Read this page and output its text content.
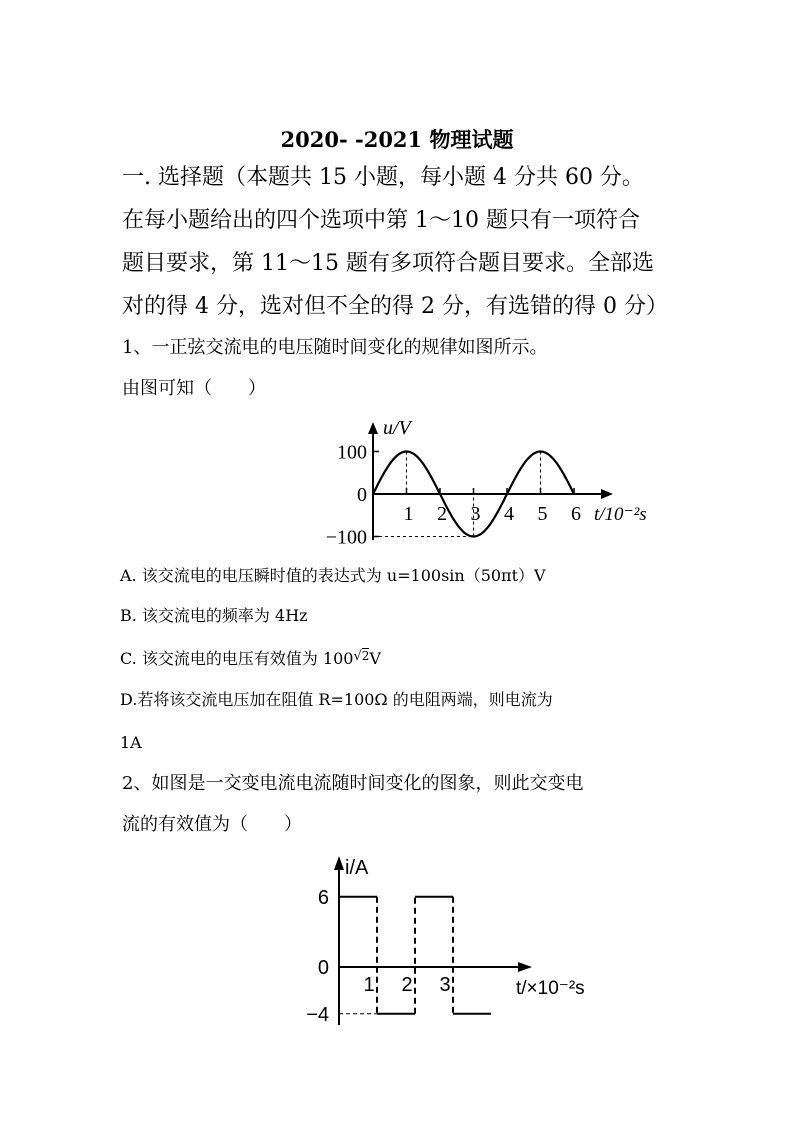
2020- -2021 物理试题
一. 选择题（本题共 15 小题，每小题 4 分共 60 分。
在每小题给出的四个选项中第 1～10 题只有一项符合
题目要求，第 11～15 题有多项符合题目要求。全部选
对的得 4 分，选对但不全的得 2 分，有选错的得 0 分）
1、一正弦交流电的电压随时间变化的规律如图所示。
由图可知（　　）
u/V
t/10⁻²s
100
0
−100
1 2 3 4 5 6
A. 该交流电的电压瞬时值的表达式为 u=100sin（50πt）V
B. 该交流电的频率为 4Hz
C. 该交流电的电压有效值为 $100^{√2}V$
D.若将该交流电压加在阻值 R=100Ω 的电阻两端，则电流为
1A
2、如图是一交变电流电流随时间变化的图象，则此交变电
流的有效值为（　　）
i/A
t/×10⁻²s
6
0
−4
1 2 3
